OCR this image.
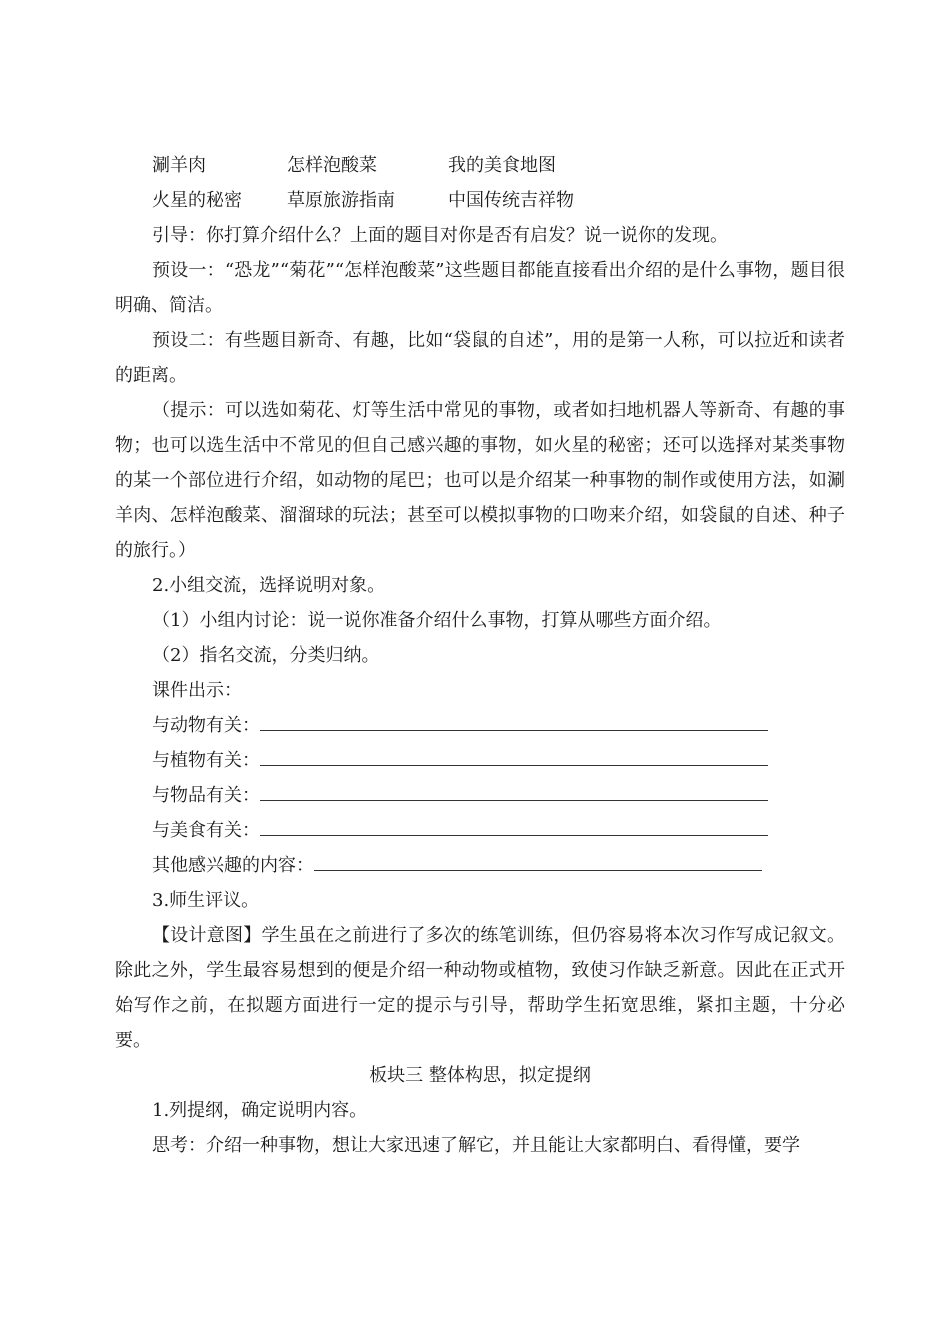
涮羊肉	怎样泡酸菜	我的美食地图
火星的秘密	草原旅游指南	中国传统吉祥物

引导：你打算介绍什么？上面的题目对你是否有启发？说一说你的发现。

预设一：“恐龙”“菊花”“怎样泡酸菜”这些题目都能直接看出介绍的是什么事物，题目很明确、简洁。

预设二：有些题目新奇、有趣，比如“袋鼠的自述”，用的是第一人称，可以拉近和读者的距离。

（提示：可以选如菊花、灯等生活中常见的事物，或者如扫地机器人等新奇、有趣的事物；也可以选生活中不常见的但自己感兴趣的事物，如火星的秘密；还可以选择对某类事物的某一个部位进行介绍，如动物的尾巴；也可以是介绍某一种事物的制作或使用方法，如涮羊肉、怎样泡酸菜、溜溜球的玩法；甚至可以模拟事物的口吻来介绍，如袋鼠的自述、种子的旅行。）

2.小组交流，选择说明对象。

（1）小组内讨论：说一说你准备介绍什么事物，打算从哪些方面介绍。

（2）指名交流，分类归纳。

课件出示：

与动物有关：
与植物有关：
与物品有关：
与美食有关：
其他感兴趣的内容：

3.师生评议。

【设计意图】学生虽在之前进行了多次的练笔训练，但仍容易将本次习作写成记叙文。除此之外，学生最容易想到的便是介绍一种动物或植物，致使习作缺乏新意。因此在正式开始写作之前，在拟题方面进行一定的提示与引导，帮助学生拓宽思维，紧扣主题，十分必要。

板块三 整体构思，拟定提纲

1.列提纲，确定说明内容。

思考：介绍一种事物，想让大家迅速了解它，并且能让大家都明白、看得懂，要学
